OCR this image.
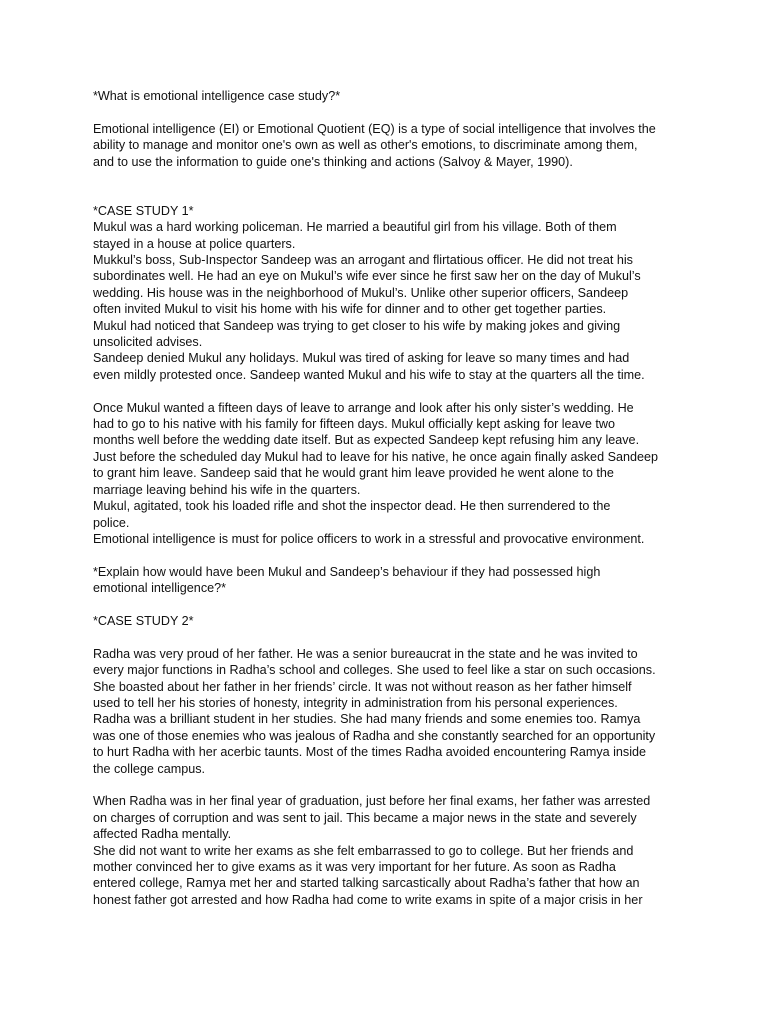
*What is emotional intelligence case study?*

Emotional intelligence (EI) or Emotional Quotient (EQ) is a type of social intelligence that involves the
ability to manage and monitor one's own as well as other's emotions, to discriminate among them,
and to use the information to guide one's thinking and actions (Salvoy & Mayer, 1990).

*CASE STUDY 1*

Mukul was a hard working policeman. He married a beautiful girl from his village. Both of them
stayed in a house at police quarters.
Mukkul’s boss, Sub-Inspector Sandeep was an arrogant and flirtatious officer. He did not treat his
subordinates well. He had an eye on Mukul’s wife ever since he first saw her on the day of Mukul’s
wedding. His house was in the neighborhood of Mukul’s. Unlike other superior officers, Sandeep
often invited Mukul to visit his home with his wife for dinner and to other get together parties.
Mukul had noticed that Sandeep was trying to get closer to his wife by making jokes and giving
unsolicited advises.
Sandeep denied Mukul any holidays. Mukul was tired of asking for leave so many times and had
even mildly protested once. Sandeep wanted Mukul and his wife to stay at the quarters all the time.

Once Mukul wanted a fifteen days of leave to arrange and look after his only sister’s wedding. He
had to go to his native with his family for fifteen days. Mukul officially kept asking for leave two
months well before the wedding date itself. But as expected Sandeep kept refusing him any leave.
Just before the scheduled day Mukul had to leave for his native, he once again finally asked Sandeep
to grant him leave. Sandeep said that he would grant him leave provided he went alone to the
marriage leaving behind his wife in the quarters.
Mukul, agitated, took his loaded rifle and shot the inspector dead. He then surrendered to the
police.
Emotional intelligence is must for police officers to work in a stressful and provocative environment.

*Explain how would have been Mukul and Sandeep’s behaviour if they had possessed high
emotional intelligence?*

*CASE STUDY 2*

Radha was very proud of her father. He was a senior bureaucrat in the state and he was invited to
every major functions in Radha’s school and colleges. She used to feel like a star on such occasions.
She boasted about her father in her friends’ circle. It was not without reason as her father himself
used to tell her his stories of honesty, integrity in administration from his personal experiences.
Radha was a brilliant student in her studies. She had many friends and some enemies too. Ramya
was one of those enemies who was jealous of Radha and she constantly searched for an opportunity
to hurt Radha with her acerbic taunts. Most of the times Radha avoided encountering Ramya inside
the college campus.

When Radha was in her final year of graduation, just before her final exams, her father was arrested
on charges of corruption and was sent to jail. This became a major news in the state and severely
affected Radha mentally.
She did not want to write her exams as she felt embarrassed to go to college. But her friends and
mother convinced her to give exams as it was very important for her future. As soon as Radha
entered college, Ramya met her and started talking sarcastically about Radha’s father that how an
honest father got arrested and how Radha had come to write exams in spite of a major crisis in her
